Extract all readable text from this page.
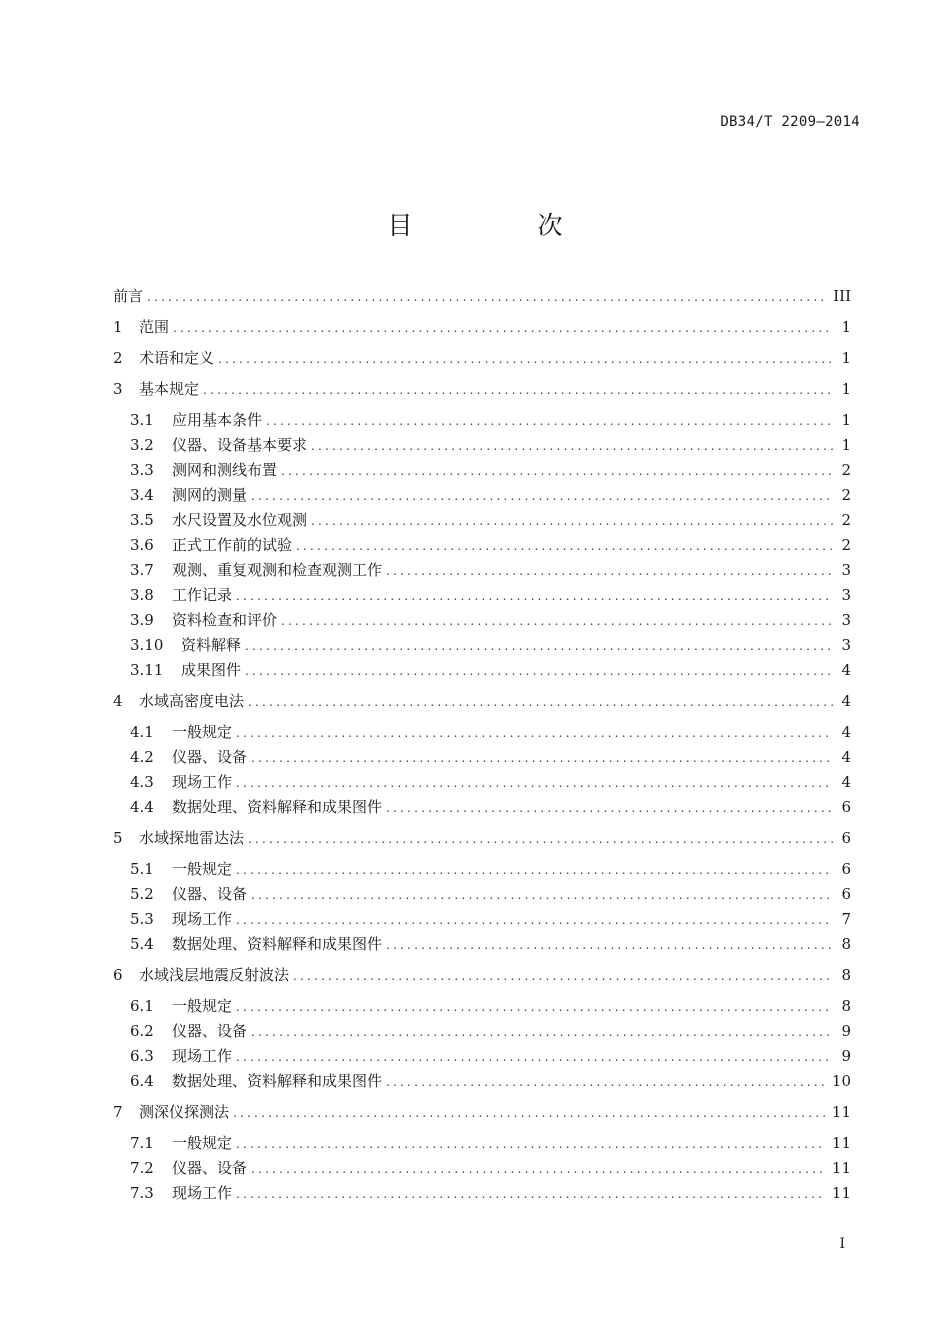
DB34/T 2209—2014
目　次
前言 .....	III
1	范围 .....	1
2	术语和定义 .....	1
3	基本规定 .....	1
3.1	应用基本条件 .....	1
3.2	仪器、设备基本要求 .....	1
3.3	测网和测线布置 .....	2
3.4	测网的测量 .....	2
3.5	水尺设置及水位观测 .....	2
3.6	正式工作前的试验 .....	2
3.7	观测、重复观测和检查观测工作 .....	3
3.8	工作记录 .....	3
3.9	资料检查和评价 .....	3
3.10	资料解释 .....	3
3.11	成果图件 .....	4
4	水域高密度电法 .....	4
4.1	一般规定 .....	4
4.2	仪器、设备 .....	4
4.3	现场工作 .....	4
4.4	数据处理、资料解释和成果图件 .....	6
5	水域探地雷达法 .....	6
5.1	一般规定 .....	6
5.2	仪器、设备 .....	6
5.3	现场工作 .....	7
5.4	数据处理、资料解释和成果图件 .....	8
6	水域浅层地震反射波法 .....	8
6.1	一般规定 .....	8
6.2	仪器、设备 .....	9
6.3	现场工作 .....	9
6.4	数据处理、资料解释和成果图件 .....	10
7	测深仪探测法 .....	11
7.1	一般规定 .....	11
7.2	仪器、设备 .....	11
7.3	现场工作 .....	11
I
